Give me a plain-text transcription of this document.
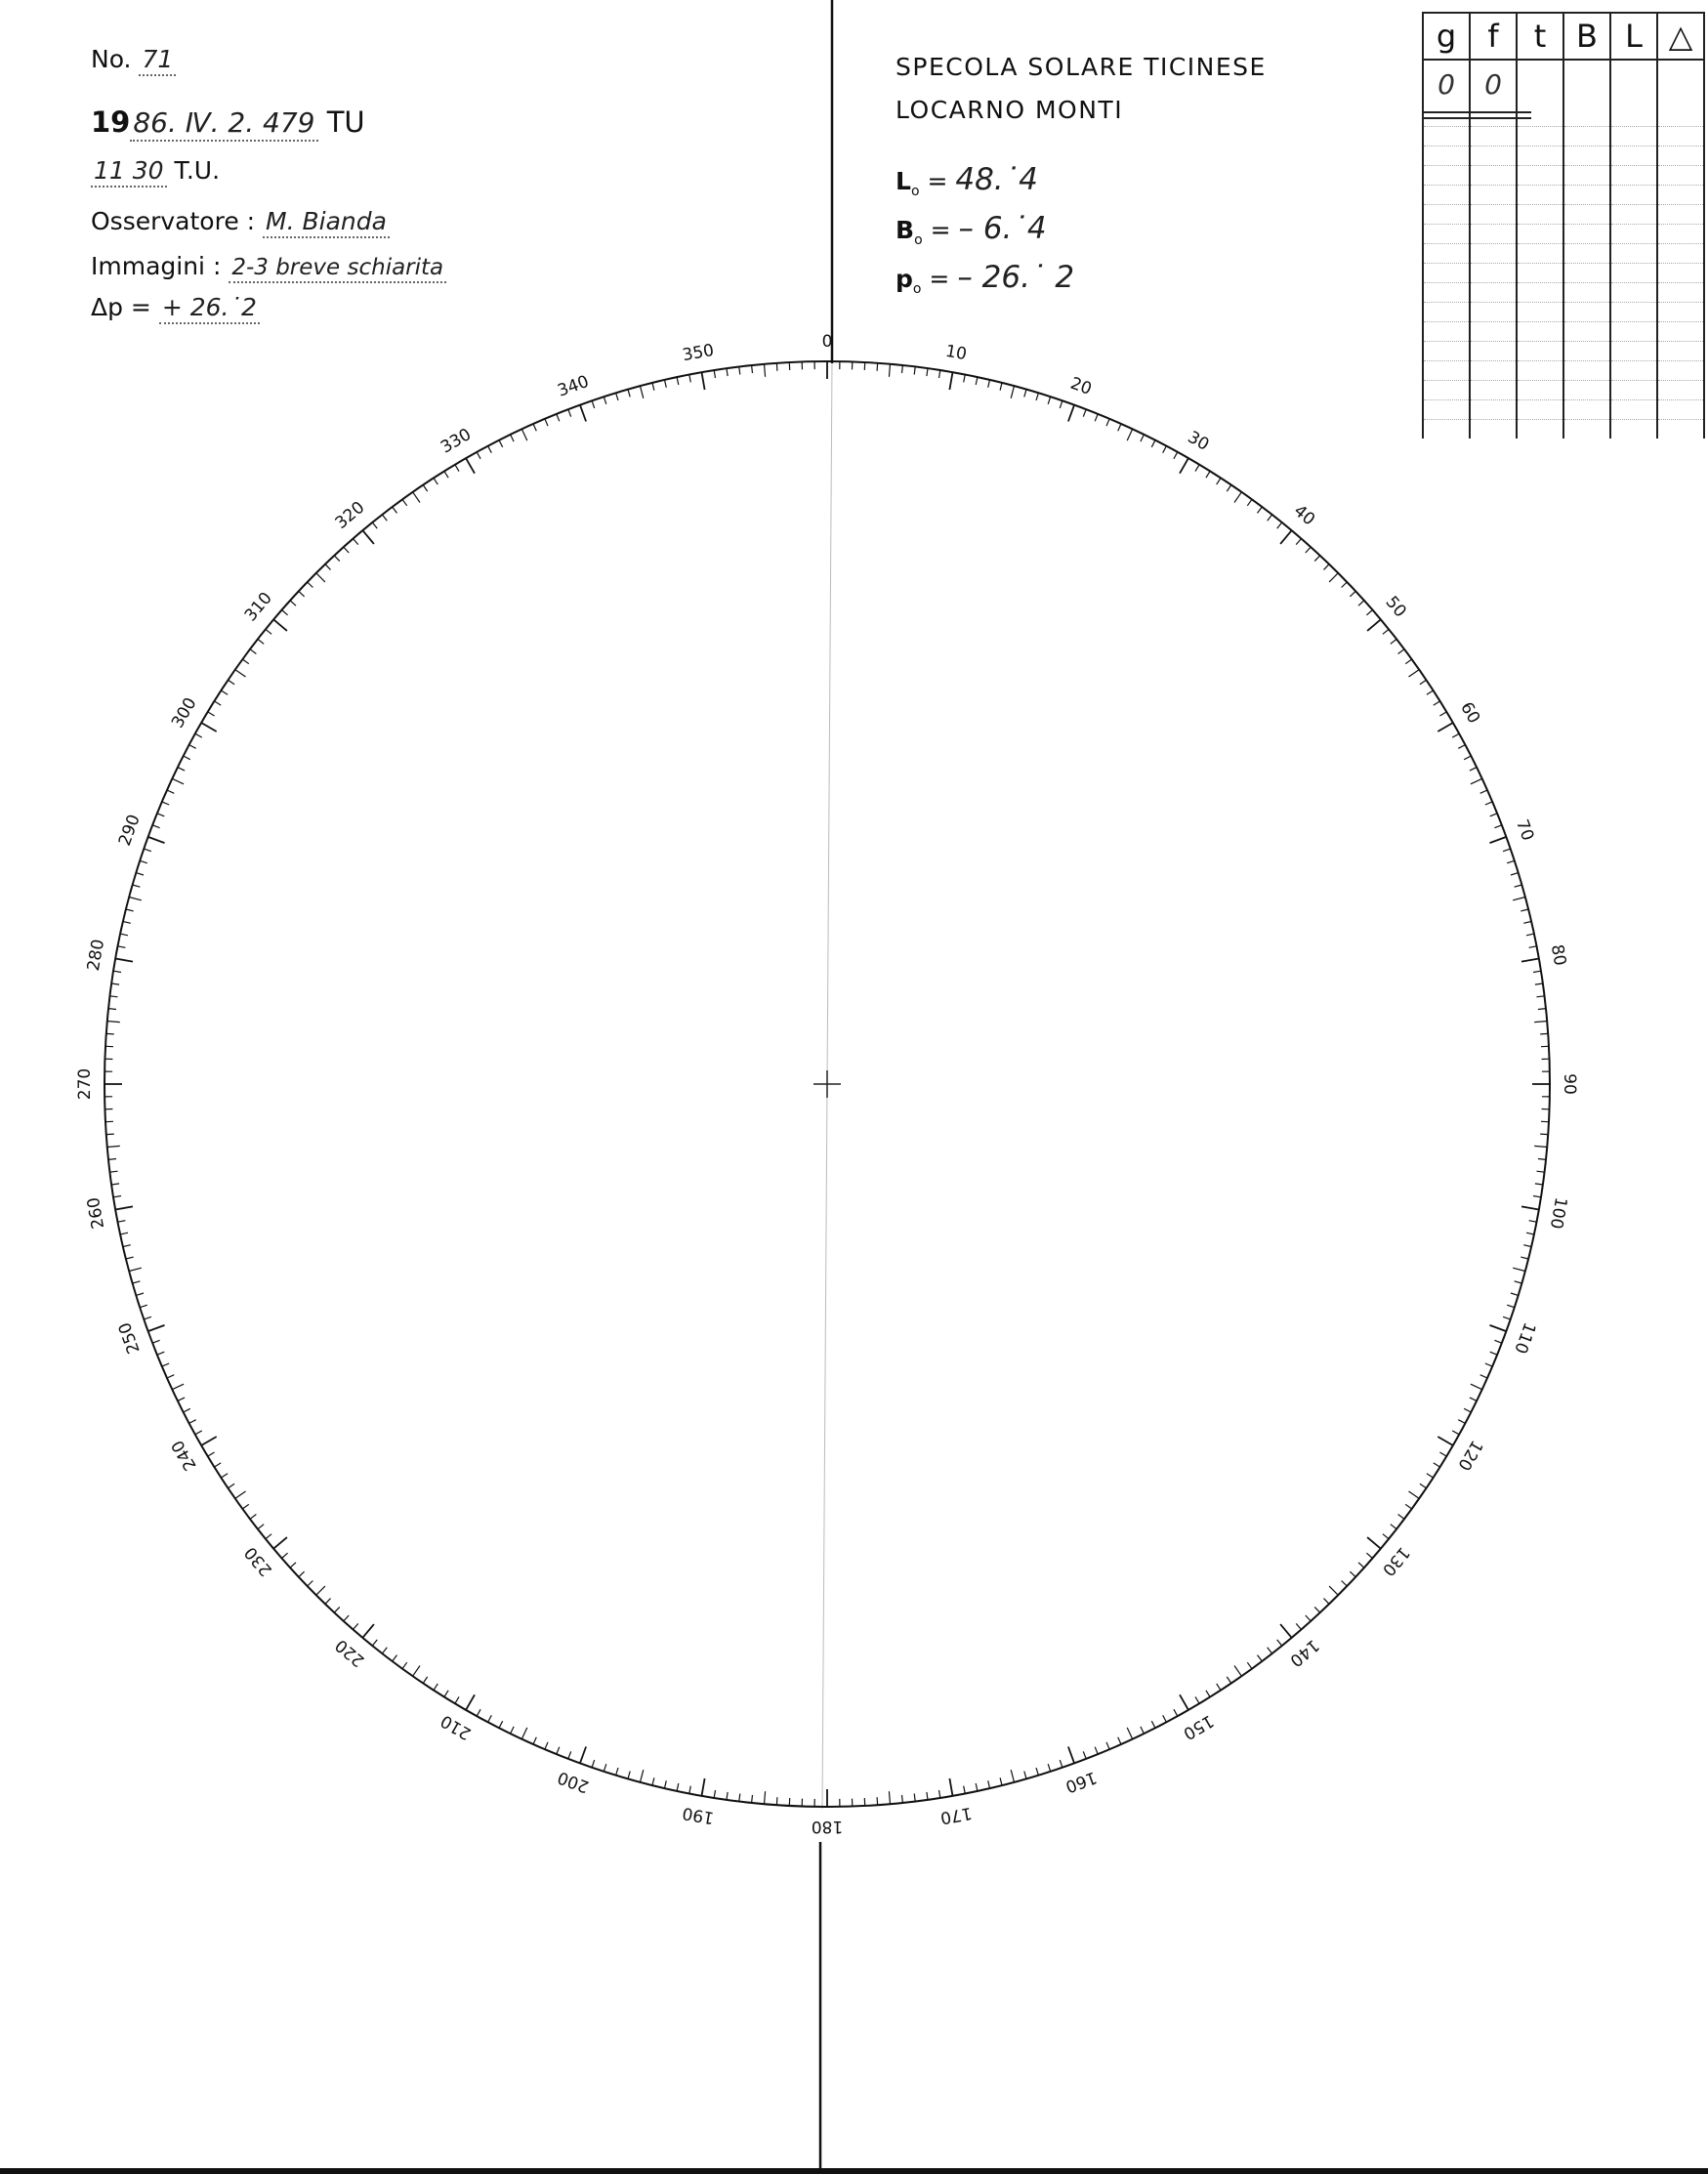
No. 71
19 86. Ⅳ. 2. 479 TU
11 30 T.U.
Osservatore : M. Bianda
Immagini : 2-3 breve schiarita
Δp = + 26.˙2
SPECOLA SOLARE TICINESE
LOCARNO MONTI
$L_o$ = 48.˙4
$B_o$ = – 6.˙4
$p_o$ = – 26.˙ 2
0	10
20
30
40
50
60
70
80
90
100
110
120
130
140
150
160
170
180
190
200
210
220
230
240
250
260
270
280
290
300
310
320
330
340
350
g	f	t	B	L	△
0	0				
